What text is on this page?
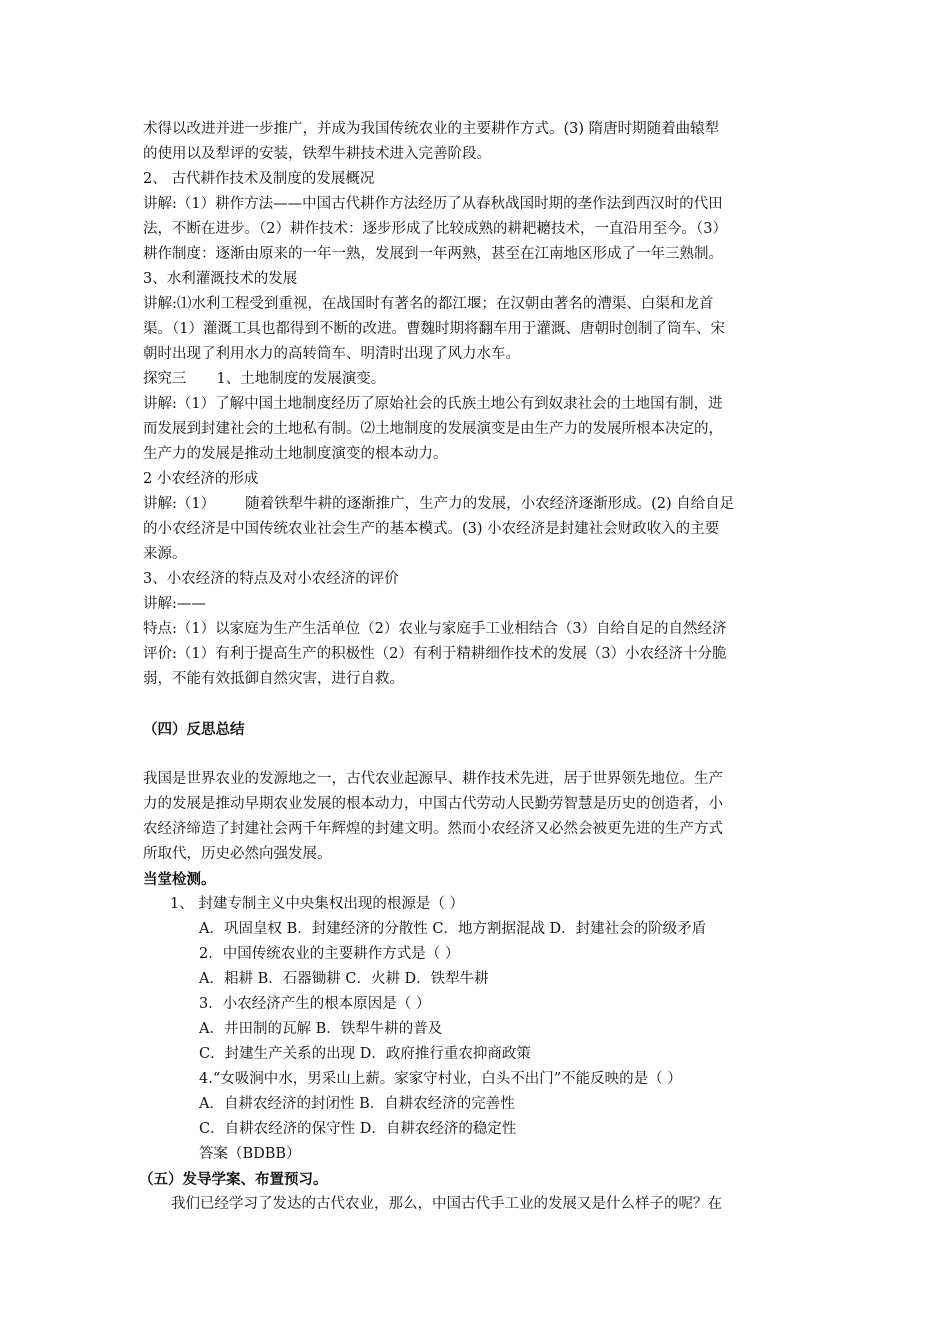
术得以改进并进一步推广，并成为我国传统农业的主要耕作方式。(3) 隋唐时期随着曲辕犁
的使用以及犁评的安装，铁犁牛耕技术进入完善阶段。
2、 古代耕作技术及制度的发展概况
讲解:（1）耕作方法——中国古代耕作方法经历了从春秋战国时期的垄作法到西汉时的代田
法，不断在进步。（2）耕作技术：逐步形成了比较成熟的耕耙耱技术，一直沿用至今。（3）
耕作制度：逐渐由原来的一年一熟，发展到一年两熟，甚至在江南地区形成了一年三熟制。
3、水利灌溉技术的发展
讲解:⑴水利工程受到重视，在战国时有著名的都江堰；在汉朝由著名的漕渠、白渠和龙首
渠。（1）灌溉工具也都得到不断的改进。曹魏时期将翻车用于灌溉、唐朝时创制了筒车、宋
朝时出现了利用水力的高转筒车、明清时出现了风力水车。
探究三 1、土地制度的发展演变。
讲解:（1）了解中国土地制度经历了原始社会的氏族土地公有到奴隶社会的土地国有制，进
而发展到封建社会的土地私有制。⑵土地制度的发展演变是由生产力的发展所根本决定的，
生产力的发展是推动土地制度演变的根本动力。
2 小农经济的形成
讲解:（1） 随着铁犁牛耕的逐渐推广，生产力的发展，小农经济逐渐形成。(2) 自给自足
的小农经济是中国传统农业社会生产的基本模式。(3) 小农经济是封建社会财政收入的主要
来源。
3、小农经济的特点及对小农经济的评价
讲解:——
特点:（1）以家庭为生产生活单位（2）农业与家庭手工业相结合（3）自给自足的自然经济
评价:（1）有利于提高生产的积极性（2）有利于精耕细作技术的发展（3）小农经济十分脆
弱，不能有效抵御自然灾害，进行自救。
（四）反思总结
我国是世界农业的发源地之一，古代农业起源早、耕作技术先进，居于世界领先地位。生产
力的发展是推动早期农业发展的根本动力，中国古代劳动人民勤劳智慧是历史的创造者，小
农经济缔造了封建社会两千年辉煌的封建文明。然而小农经济又必然会被更先进的生产方式
所取代，历史必然向强发展。
当堂检测。
1、 封建专制主义中央集权出现的根源是（ ）
A．巩固皇权 B．封建经济的分散性 C．地方割据混战 D．封建社会的阶级矛盾
2．中国传统农业的主要耕作方式是（ ）
A．耜耕 B．石器锄耕 C．火耕 D．铁犁牛耕
3．小农经济产生的根本原因是（ ）
A．井田制的瓦解 B．铁犁牛耕的普及
C．封建生产关系的出现 D．政府推行重农抑商政策
4.“女吸涧中水，男采山上薪。家家守村业，白头不出门”不能反映的是（ ）
A．自耕农经济的封闭性 B．自耕农经济的完善性
C．自耕农经济的保守性 D．自耕农经济的稳定性
答案（BDBB）
（五）发导学案、布置预习。
我们已经学习了发达的古代农业，那么，中国古代手工业的发展又是什么样子的呢？在
